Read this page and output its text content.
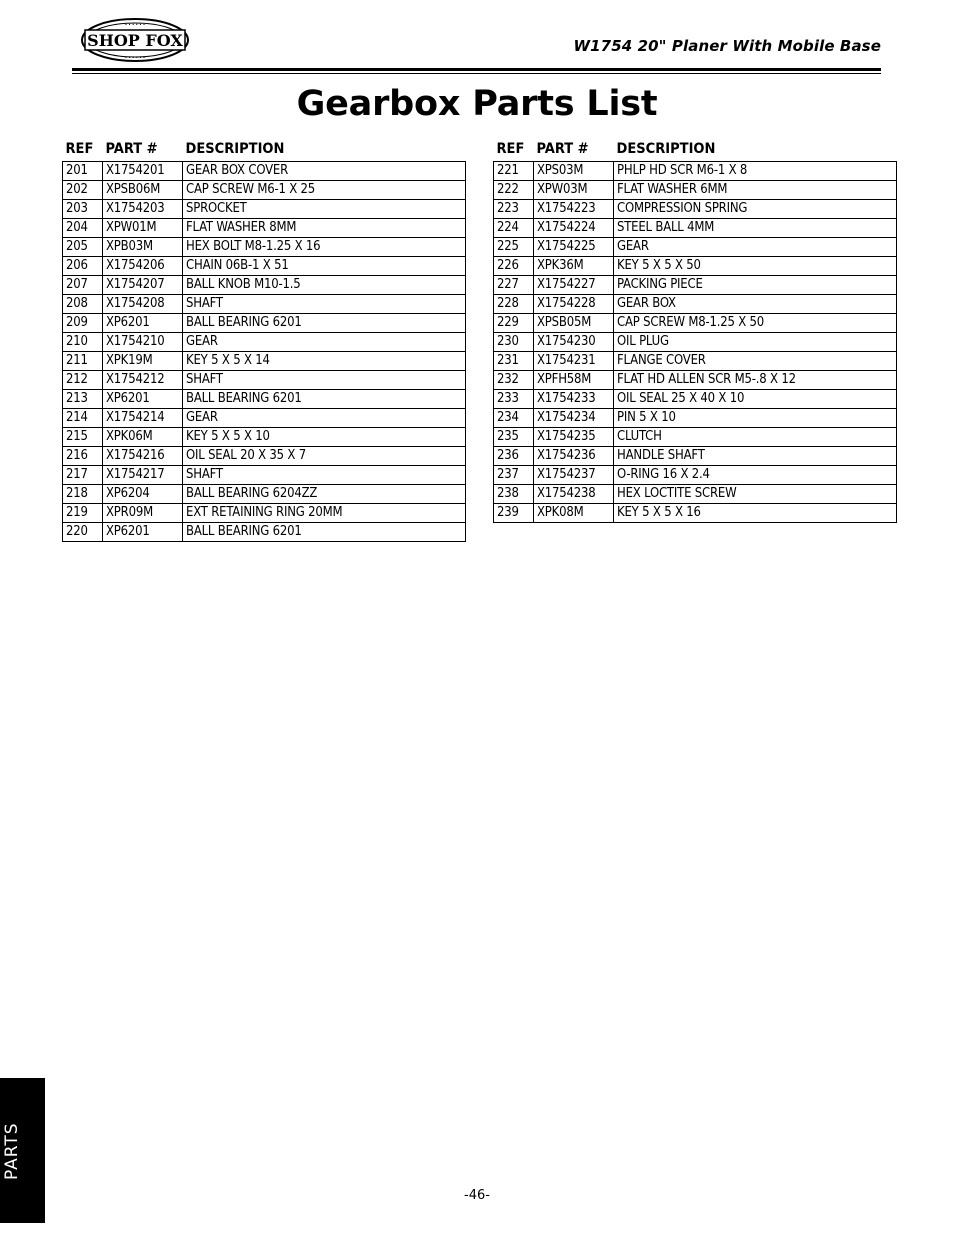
SHOP FOX
• • • • • •
• • • • • •
W1754 20" Planer With Mobile Base
Gearbox Parts List
REF	PART #	DESCRIPTION
201	X1754201	GEAR BOX COVER
202	XPSB06M	CAP SCREW M6-1 X 25
203	X1754203	SPROCKET
204	XPW01M	FLAT WASHER 8MM
205	XPB03M	HEX BOLT M8-1.25 X 16
206	X1754206	CHAIN 06B-1 X 51
207	X1754207	BALL KNOB M10-1.5
208	X1754208	SHAFT
209	XP6201	BALL BEARING 6201
210	X1754210	GEAR
211	XPK19M	KEY 5 X 5 X 14
212	X1754212	SHAFT
213	XP6201	BALL BEARING 6201
214	X1754214	GEAR
215	XPK06M	KEY 5 X 5 X 10
216	X1754216	OIL SEAL 20 X 35 X 7
217	X1754217	SHAFT
218	XP6204	BALL BEARING 6204ZZ
219	XPR09M	EXT RETAINING RING 20MM
220	XP6201	BALL BEARING 6201
REF	PART #	DESCRIPTION
221	XPS03M	PHLP HD SCR M6-1 X 8
222	XPW03M	FLAT WASHER 6MM
223	X1754223	COMPRESSION SPRING
224	X1754224	STEEL BALL 4MM
225	X1754225	GEAR
226	XPK36M	KEY 5 X 5 X 50
227	X1754227	PACKING PIECE
228	X1754228	GEAR BOX
229	XPSB05M	CAP SCREW M8-1.25 X 50
230	X1754230	OIL PLUG
231	X1754231	FLANGE COVER
232	XPFH58M	FLAT HD ALLEN SCR M5-.8 X 12
233	X1754233	OIL SEAL 25 X 40 X 10
234	X1754234	PIN 5 X 10
235	X1754235	CLUTCH
236	X1754236	HANDLE SHAFT
237	X1754237	O-RING 16 X 2.4
238	X1754238	HEX LOCTITE SCREW
239	XPK08M	KEY 5 X 5 X 16
PARTS
-46-
